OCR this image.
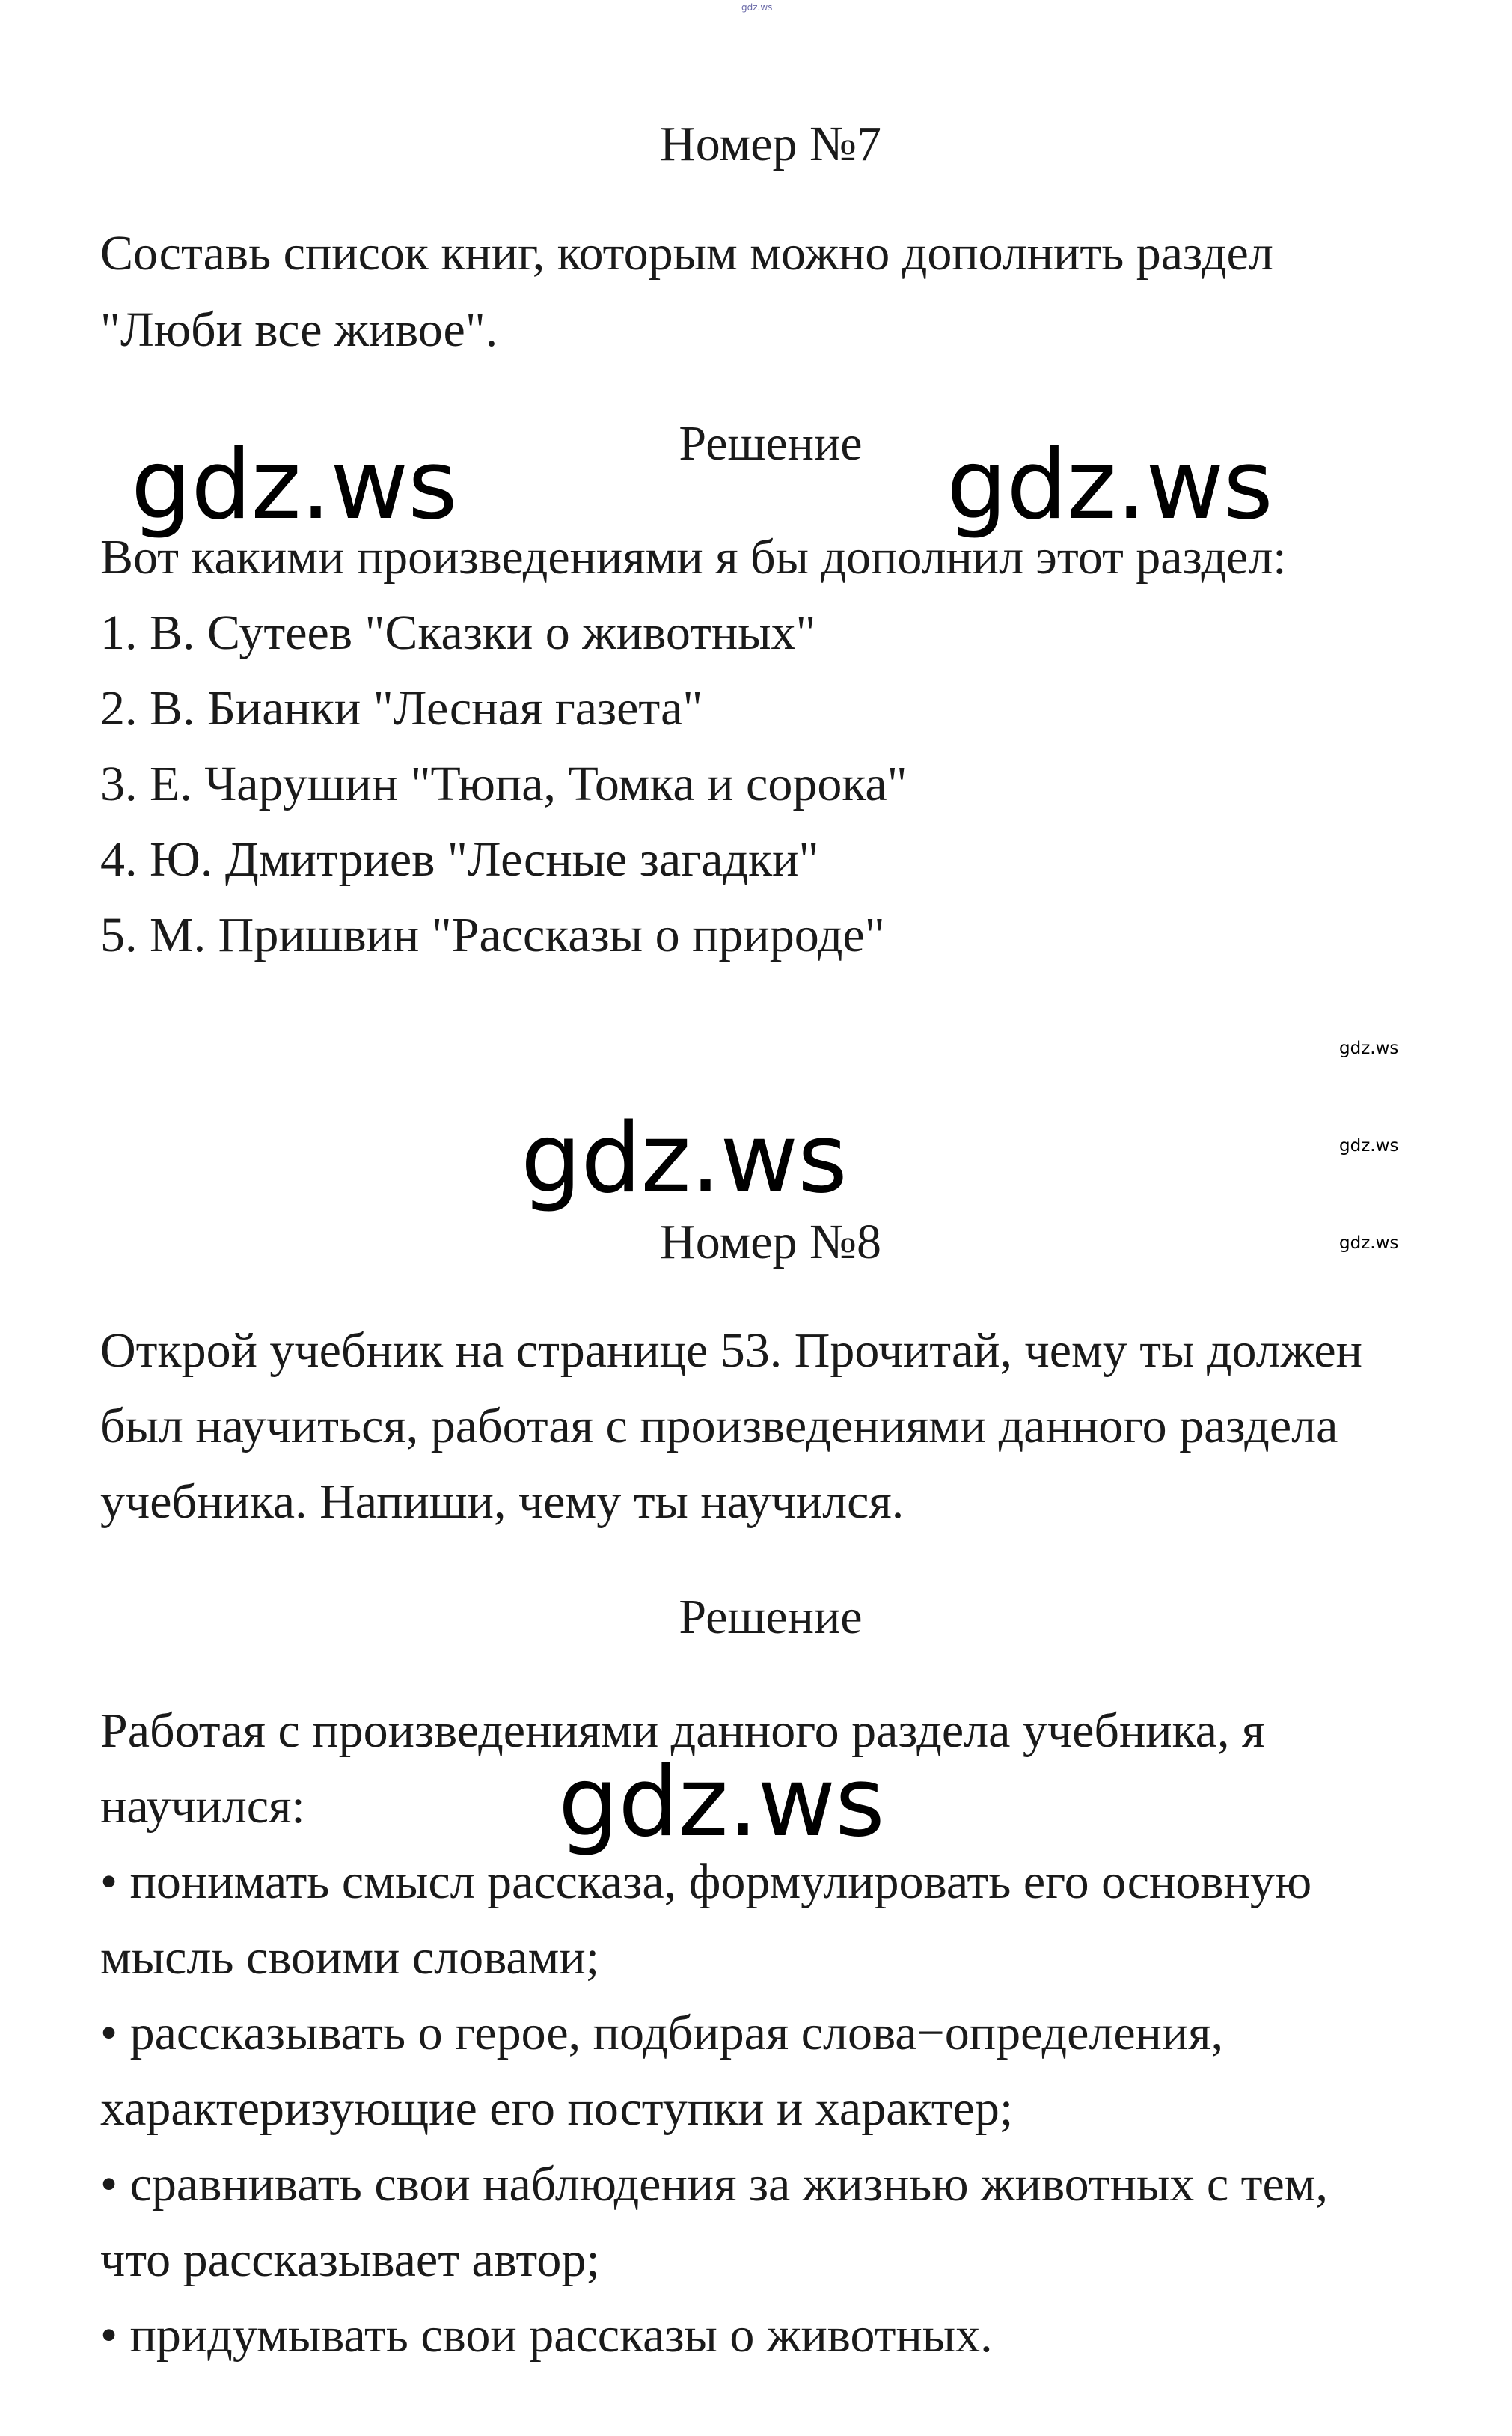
gdz.ws
Номер №7
Составь список книг, которым можно дополнить раздел
"Люби все живое".
Решение
gdz.ws	gdz.ws
Вот какими произведениями я бы дополнил этот раздел:
1. В. Сутеев "Сказки о животных"
2. В. Бианки "Лесная газета"
3. Е. Чарушин "Тюпа, Томка и сорока"
4. Ю. Дмитриев "Лесные загадки"
5. М. Пришвин "Рассказы о природе"
gdz.ws
gdz.ws
gdz.ws
gdz.ws
Номер №8
Открой учебник на странице 53. Прочитай, чему ты должен
был научиться, работая с произведениями данного раздела
учебника. Напиши, чему ты научился.
Решение
Работая с произведениями данного раздела учебника, я
научился:	gdz.ws
• понимать смысл рассказа, формулировать его основную
мысль своими словами;
• рассказывать о герое, подбирая слова−определения,
характеризующие его поступки и характер;
• сравнивать свои наблюдения за жизнью животных с тем,
что рассказывает автор;
• придумывать свои рассказы о животных.
